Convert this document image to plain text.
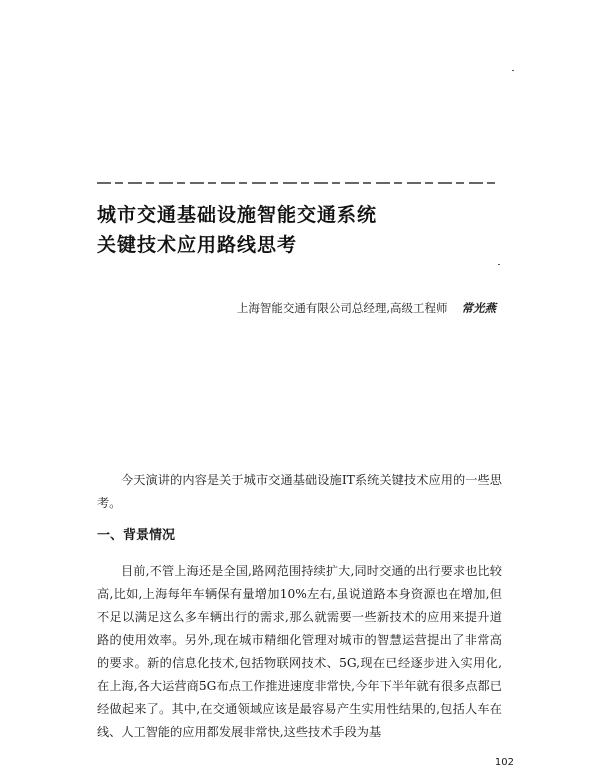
城市交通基础设施智能交通系统
关键技术应用路线思考
上海智能交通有限公司总经理,高级工程师 常光燕
今天演讲的内容是关于城市交通基础设施IT系统关键技术应用的一些思考。
一、背景情况
目前,不管上海还是全国,路网范围持续扩大,同时交通的出行要求也比较高,比如,上海每年车辆保有量增加10%左右,虽说道路本身资源也在增加,但不足以满足这么多车辆出行的需求,那么就需要一些新技术的应用来提升道路的使用效率。另外,现在城市精细化管理对城市的智慧运营提出了非常高的要求。新的信息化技术,包括物联网技术、5G,现在已经逐步进入实用化,在上海,各大运营商5G布点工作推进速度非常快,今年下半年就有很多点都已经做起来了。其中,在交通领域应该是最容易产生实用性结果的,包括人车在线、人工智能的应用都发展非常快,这些技术手段为基
102
